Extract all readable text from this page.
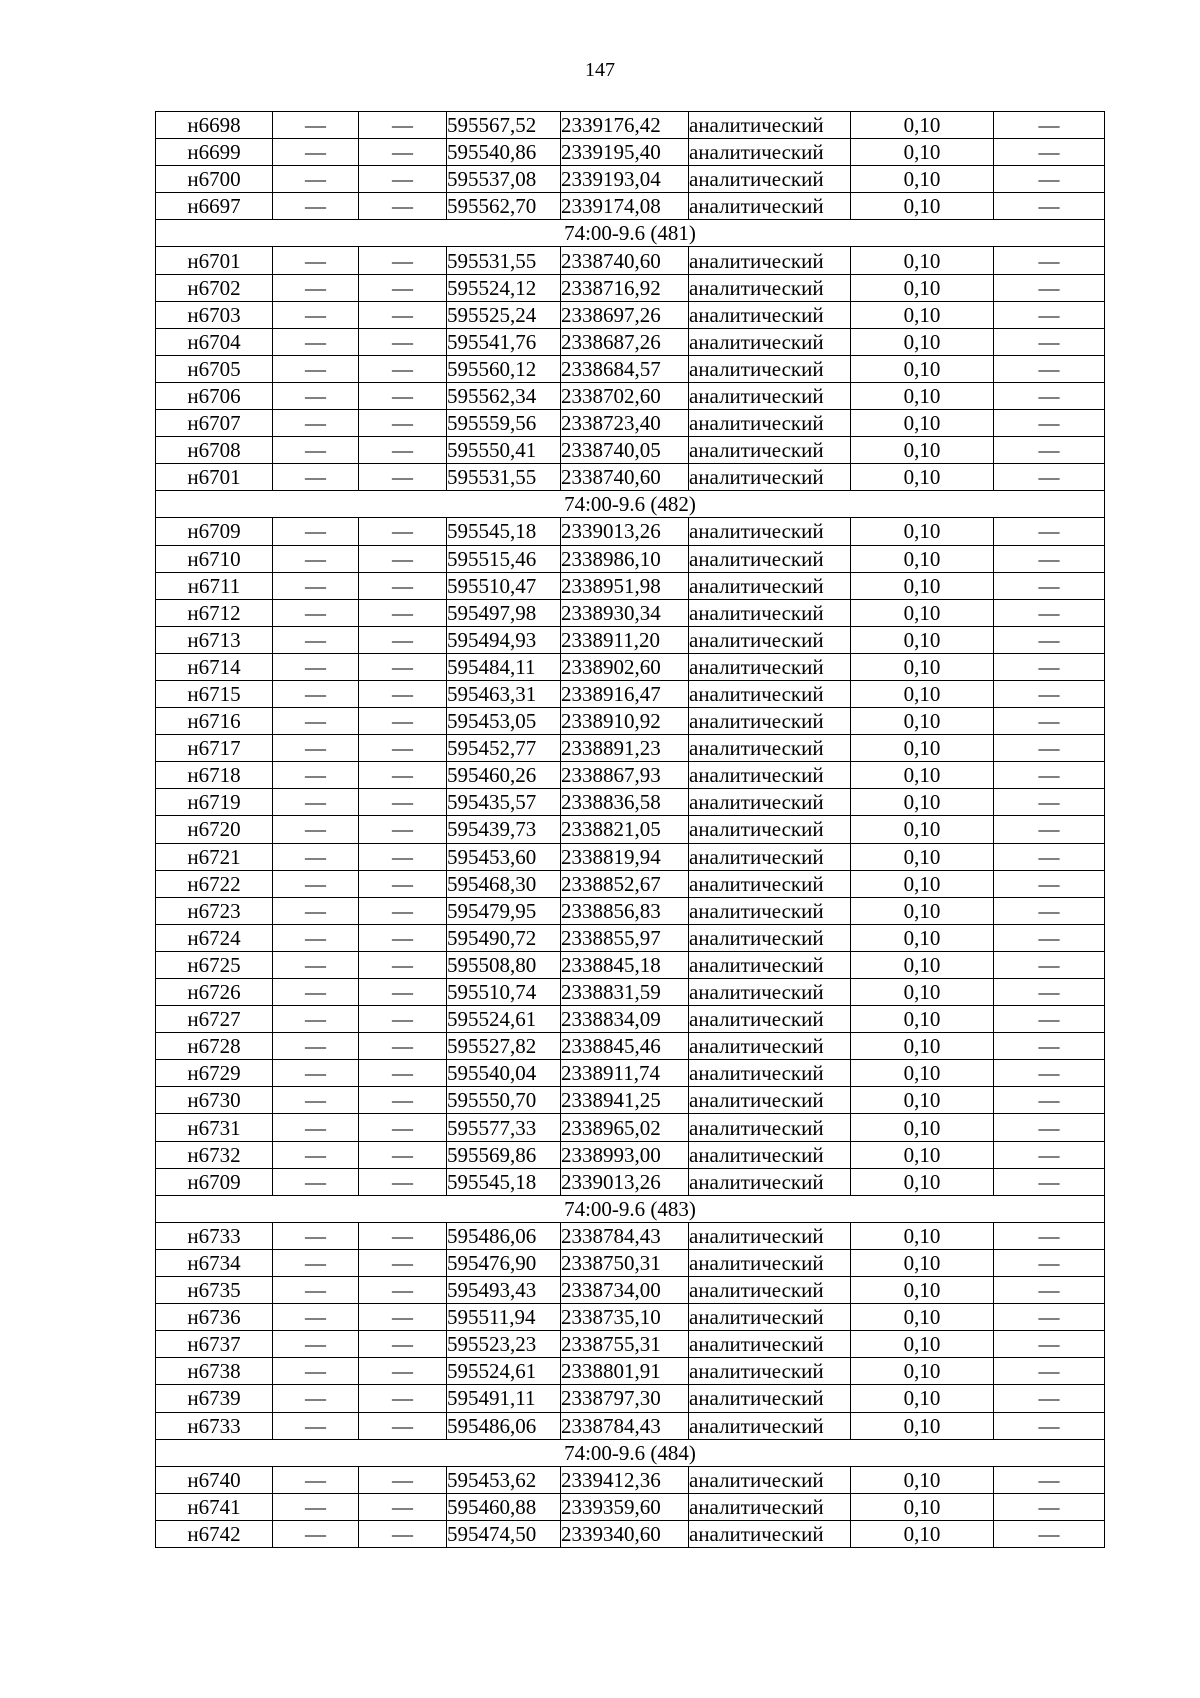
147
н6698	—	—	595567,52	2339176,42	аналитический	0,10	—
н6699	—	—	595540,86	2339195,40	аналитический	0,10	—
н6700	—	—	595537,08	2339193,04	аналитический	0,10	—
н6697	—	—	595562,70	2339174,08	аналитический	0,10	—
74:00-9.6 (481)							
н6701	—	—	595531,55	2338740,60	аналитический	0,10	—
н6702	—	—	595524,12	2338716,92	аналитический	0,10	—
н6703	—	—	595525,24	2338697,26	аналитический	0,10	—
н6704	—	—	595541,76	2338687,26	аналитический	0,10	—
н6705	—	—	595560,12	2338684,57	аналитический	0,10	—
н6706	—	—	595562,34	2338702,60	аналитический	0,10	—
н6707	—	—	595559,56	2338723,40	аналитический	0,10	—
н6708	—	—	595550,41	2338740,05	аналитический	0,10	—
н6701	—	—	595531,55	2338740,60	аналитический	0,10	—
74:00-9.6 (482)							
н6709	—	—	595545,18	2339013,26	аналитический	0,10	—
н6710	—	—	595515,46	2338986,10	аналитический	0,10	—
н6711	—	—	595510,47	2338951,98	аналитический	0,10	—
н6712	—	—	595497,98	2338930,34	аналитический	0,10	—
н6713	—	—	595494,93	2338911,20	аналитический	0,10	—
н6714	—	—	595484,11	2338902,60	аналитический	0,10	—
н6715	—	—	595463,31	2338916,47	аналитический	0,10	—
н6716	—	—	595453,05	2338910,92	аналитический	0,10	—
н6717	—	—	595452,77	2338891,23	аналитический	0,10	—
н6718	—	—	595460,26	2338867,93	аналитический	0,10	—
н6719	—	—	595435,57	2338836,58	аналитический	0,10	—
н6720	—	—	595439,73	2338821,05	аналитический	0,10	—
н6721	—	—	595453,60	2338819,94	аналитический	0,10	—
н6722	—	—	595468,30	2338852,67	аналитический	0,10	—
н6723	—	—	595479,95	2338856,83	аналитический	0,10	—
н6724	—	—	595490,72	2338855,97	аналитический	0,10	—
н6725	—	—	595508,80	2338845,18	аналитический	0,10	—
н6726	—	—	595510,74	2338831,59	аналитический	0,10	—
н6727	—	—	595524,61	2338834,09	аналитический	0,10	—
н6728	—	—	595527,82	2338845,46	аналитический	0,10	—
н6729	—	—	595540,04	2338911,74	аналитический	0,10	—
н6730	—	—	595550,70	2338941,25	аналитический	0,10	—
н6731	—	—	595577,33	2338965,02	аналитический	0,10	—
н6732	—	—	595569,86	2338993,00	аналитический	0,10	—
н6709	—	—	595545,18	2339013,26	аналитический	0,10	—
74:00-9.6 (483)							
н6733	—	—	595486,06	2338784,43	аналитический	0,10	—
н6734	—	—	595476,90	2338750,31	аналитический	0,10	—
н6735	—	—	595493,43	2338734,00	аналитический	0,10	—
н6736	—	—	595511,94	2338735,10	аналитический	0,10	—
н6737	—	—	595523,23	2338755,31	аналитический	0,10	—
н6738	—	—	595524,61	2338801,91	аналитический	0,10	—
н6739	—	—	595491,11	2338797,30	аналитический	0,10	—
н6733	—	—	595486,06	2338784,43	аналитический	0,10	—
74:00-9.6 (484)							
н6740	—	—	595453,62	2339412,36	аналитический	0,10	—
н6741	—	—	595460,88	2339359,60	аналитический	0,10	—
н6742	—	—	595474,50	2339340,60	аналитический	0,10	—
